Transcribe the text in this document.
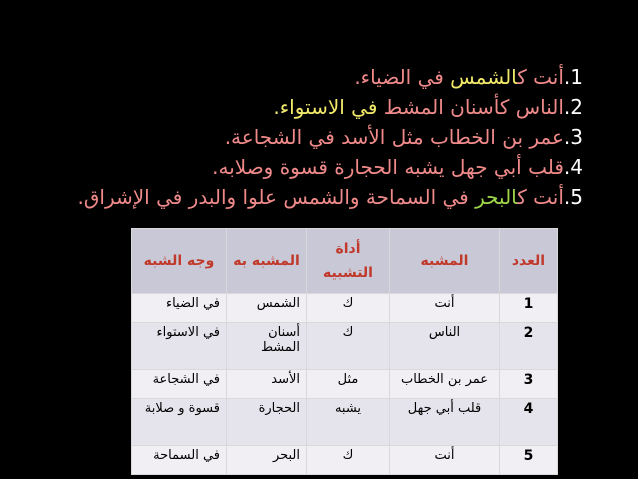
1.أنت كالشمس في الضياء.
2.الناس كأسنان المشط في الاستواء.
3.عمر بن الخطاب مثل الأسد في الشجاعة.
4.قلب أبي جهل يشبه الحجارة قسوة وصلابه.
5.أنت كالبحر في السماحة والشمس علوا والبدر في الإشراق.
العدد	المشبه	أداة التشبيه	المشبه به	وجه الشبه
1	أنت	ك	الشمس	في الضياء
2	الناس	ك	أسنان المشط	في الاستواء
3	عمر بن الخطاب	مثل	الأسد	في الشجاعة
4	قلب أبي جهل	يشبه	الحجارة	قسوة و صلابة
5	أنت	ك	البحر	في السماحة
